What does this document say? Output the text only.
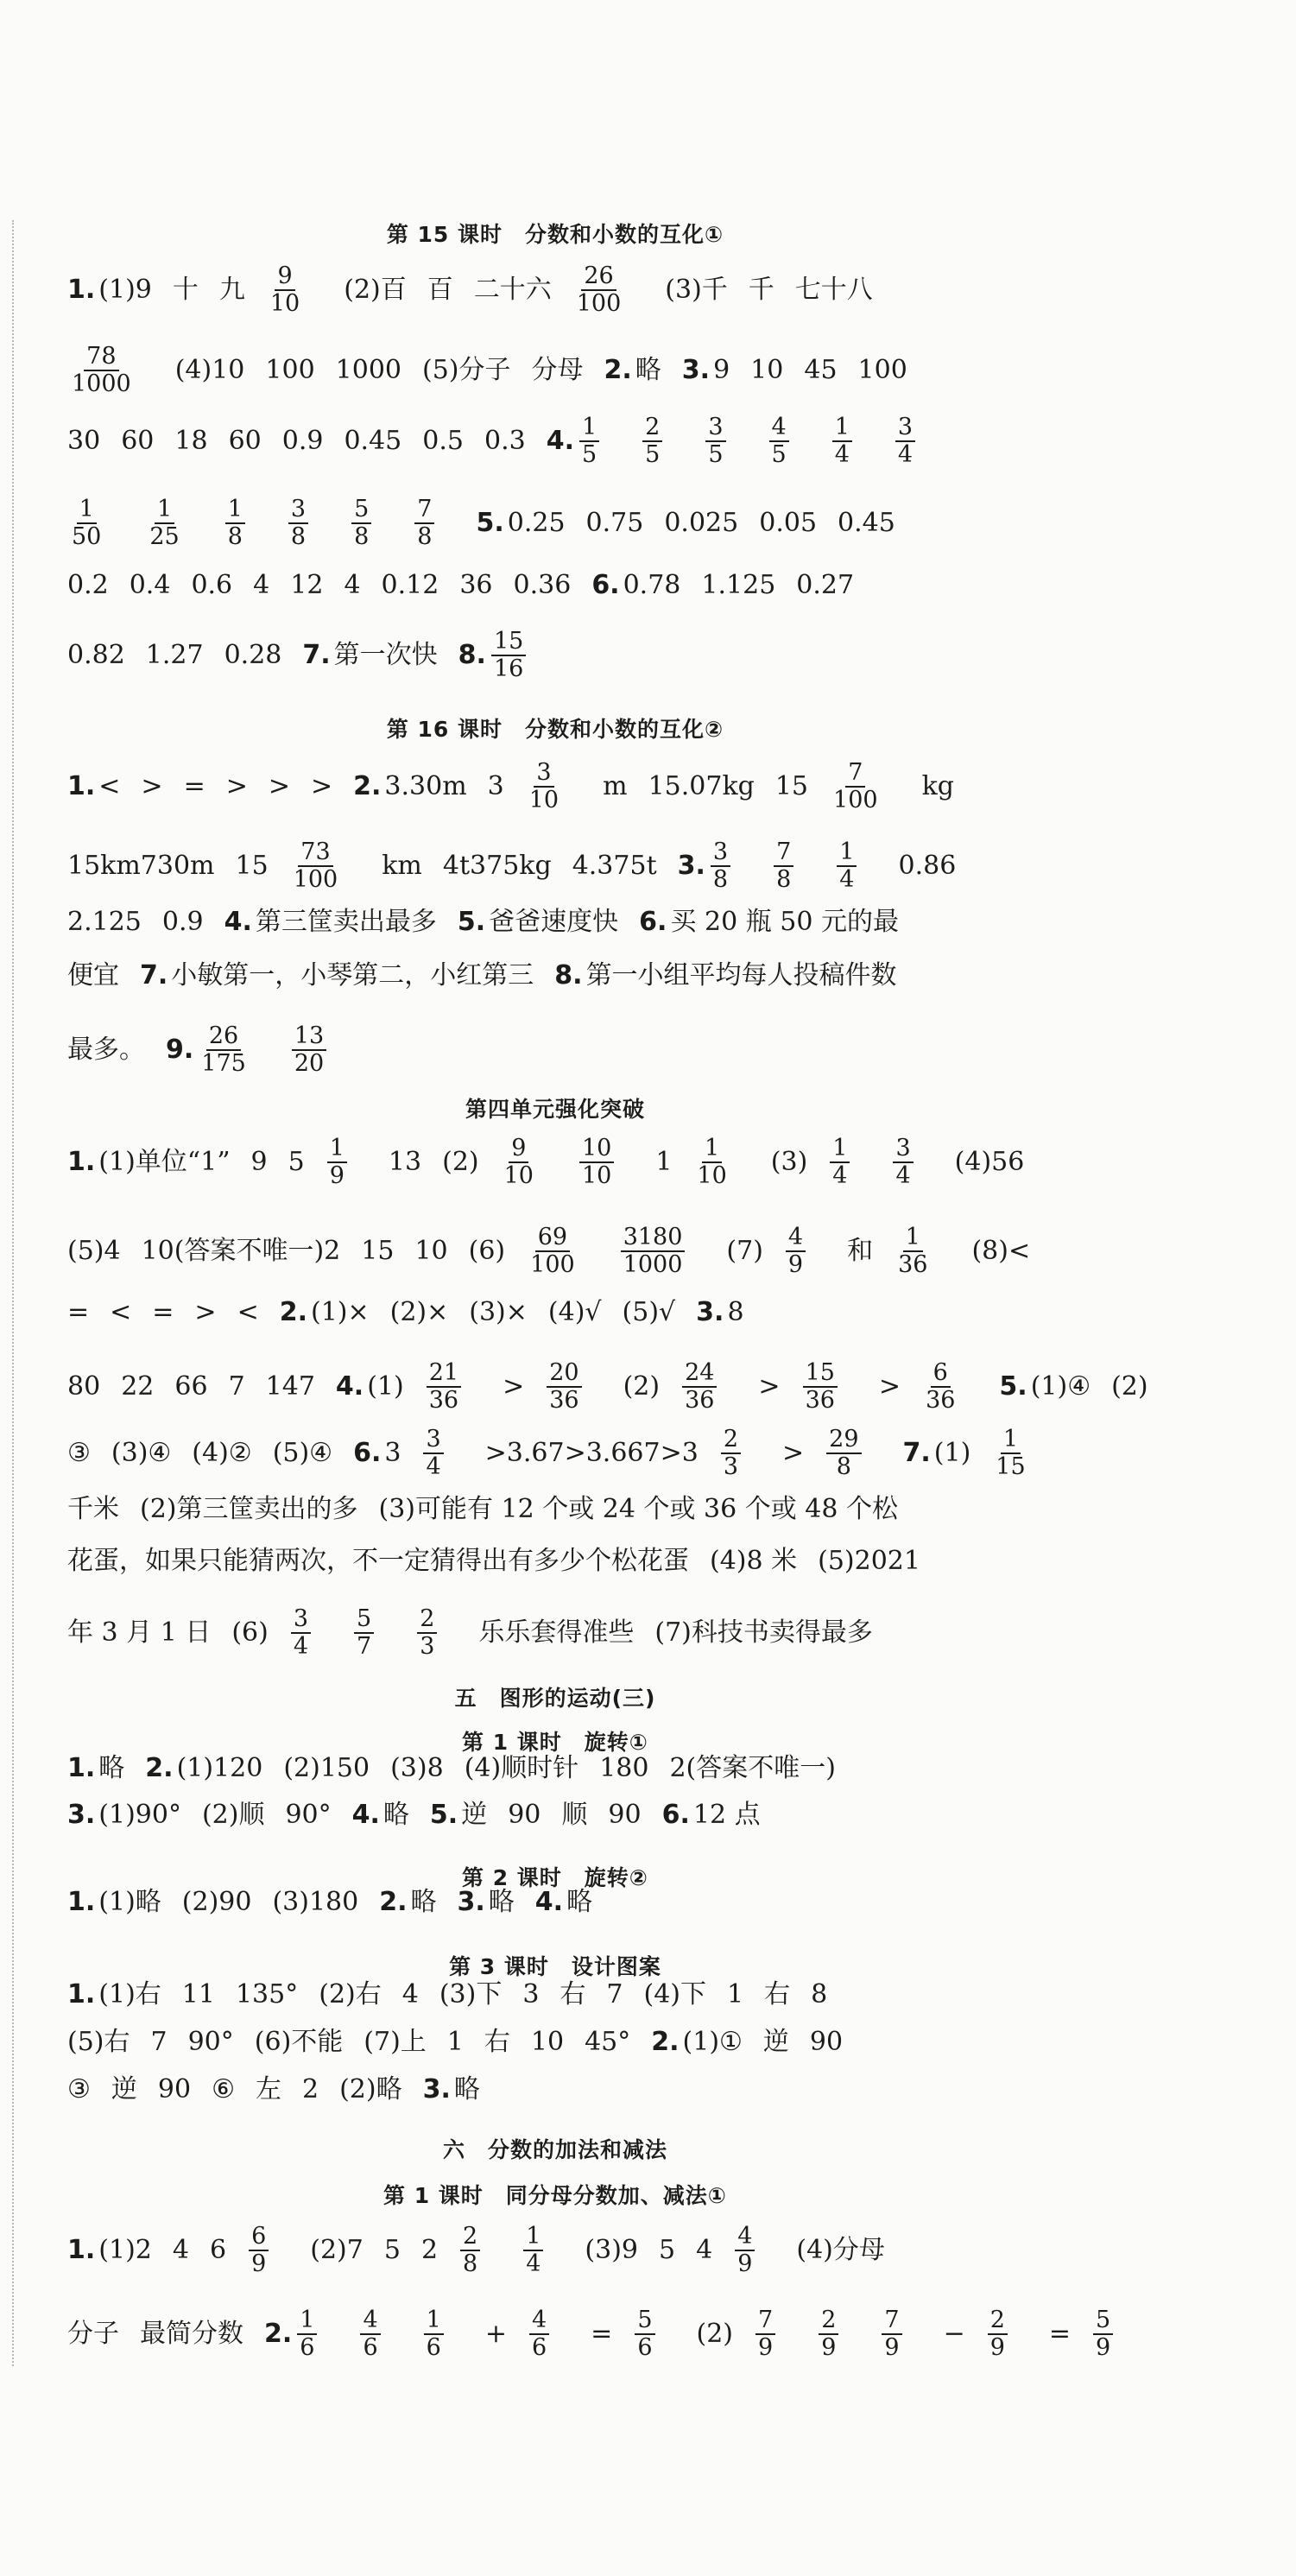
第 15 课时　分数和小数的互化①
第 16 课时　分数和小数的互化②
第四单元强化突破
五　图形的运动(三)
第 1 课时　旋转①
第 2 课时　旋转②
第 3 课时　设计图案
六　分数的加法和减法
第 1 课时　同分母分数加、减法①
1. (1)9 十 九 $\frac{9}{10} (2)$百 百 二十六 $\frac{26}{100} (3)$千 千 七十八
$\frac{78}{1000} (4)10$ 100 1000 (5)分子 分母 2. 略 3. 9 10 45 100
30 60 18 60 0.9 0.45 0.5 0.3 4. $\frac{1}{5} \frac{2}{5} \frac{3}{5} \frac{4}{5} \frac{1}{4} \frac{3}{4}$
$\frac{1}{50} \frac{1}{25} \frac{1}{8} \frac{3}{8} \frac{5}{8} \frac{7}{8} 5$. 0.25 0.75 0.025 0.05 0.45
0.2 0.4 0.6 4 12 4 0.12 36 0.36 6. 0.78 1.125 0.27
0.82 1.27 0.28 7. 第一次快 8. $\frac{15}{16}$
1. < > = > > > 2. 3.30m $3 \frac{3}{10}$ m 15.07kg $15 \frac{7}{100}$ kg
15km730m $15 \frac{73}{100}$ km 4t375kg 4.375t 3. $\frac{3}{8} \frac{7}{8} \frac{1}{4} 0.86$
2.125 0.9 4. 第三筐卖出最多 5. 爸爸速度快 6. 买 20 瓶 50 元的最
便宜 7. 小敏第一，小琴第二，小红第三 8. 第一小组平均每人投稿件数
最多。 9. $\frac{26}{175} \frac{13}{20}$
1. (1)单位“1” 9 $5 \frac{1}{9} 13$ $(2) \frac{9}{10} \frac{10}{10} 1 \frac{1}{10} (3) \frac{1}{4} \frac{3}{4} (4)56$
(5)4 10(答案不唯一)2 15 10 $(6) \frac{69}{100} \frac{3180}{1000} (7) \frac{4}{9}$ 和 $\frac{1}{36} (8)<$
= < = > < 2. (1)× (2)× (3)× (4)√ (5)√ 3. 8
80 22 66 7 147 4. $(1) \frac{21}{36} > \frac{20}{36} (2) \frac{24}{36} > \frac{15}{36} > \frac{6}{36} 5$. (1)④ (2)
③ (3)④ (4)② (5)④ 6. $3 \frac{3}{4} >3.67>3.667>3 \frac{2}{3} > \frac{29}{8} 7$. $(1) \frac{1}{15}$
千米 (2)第三筐卖出的多 (3)可能有 12 个或 24 个或 36 个或 48 个松
花蛋，如果只能猜两次，不一定猜得出有多少个松花蛋 (4)8 米 (5)2021
年 3 月 1 日 $(6) \frac{3}{4} \frac{5}{7} \frac{2}{3}$ 乐乐套得准些 (7)科技书卖得最多
1. 略 2. (1)120 (2)150 (3)8 (4)顺时针 180 2(答案不唯一)
3. (1)90° (2)顺 90° 4. 略 5. 逆 90 顺 90 6. 12 点
1. (1)略 (2)90 (3)180 2. 略 3. 略 4. 略
1. (1)右 11 135° (2)右 4 (3)下 3 右 7 (4)下 1 右 8
(5)右 7 90° (6)不能 (7)上 1 右 10 45° 2. (1)① 逆 90
③ 逆 90 ⑥ 左 2 (2)略 3. 略
1. (1)2 4 $6 \frac{6}{9} (2)7$ 5 $2 \frac{2}{8} \frac{1}{4} (3)9$ 5 $4 \frac{4}{9} (4)$分母
分子 最简分数 2. $\frac{1}{6} \frac{4}{6} \frac{1}{6} + \frac{4}{6} = \frac{5}{6} (2) \frac{7}{9} \frac{2}{9} \frac{7}{9} - \frac{2}{9} = \frac{5}{9}$
